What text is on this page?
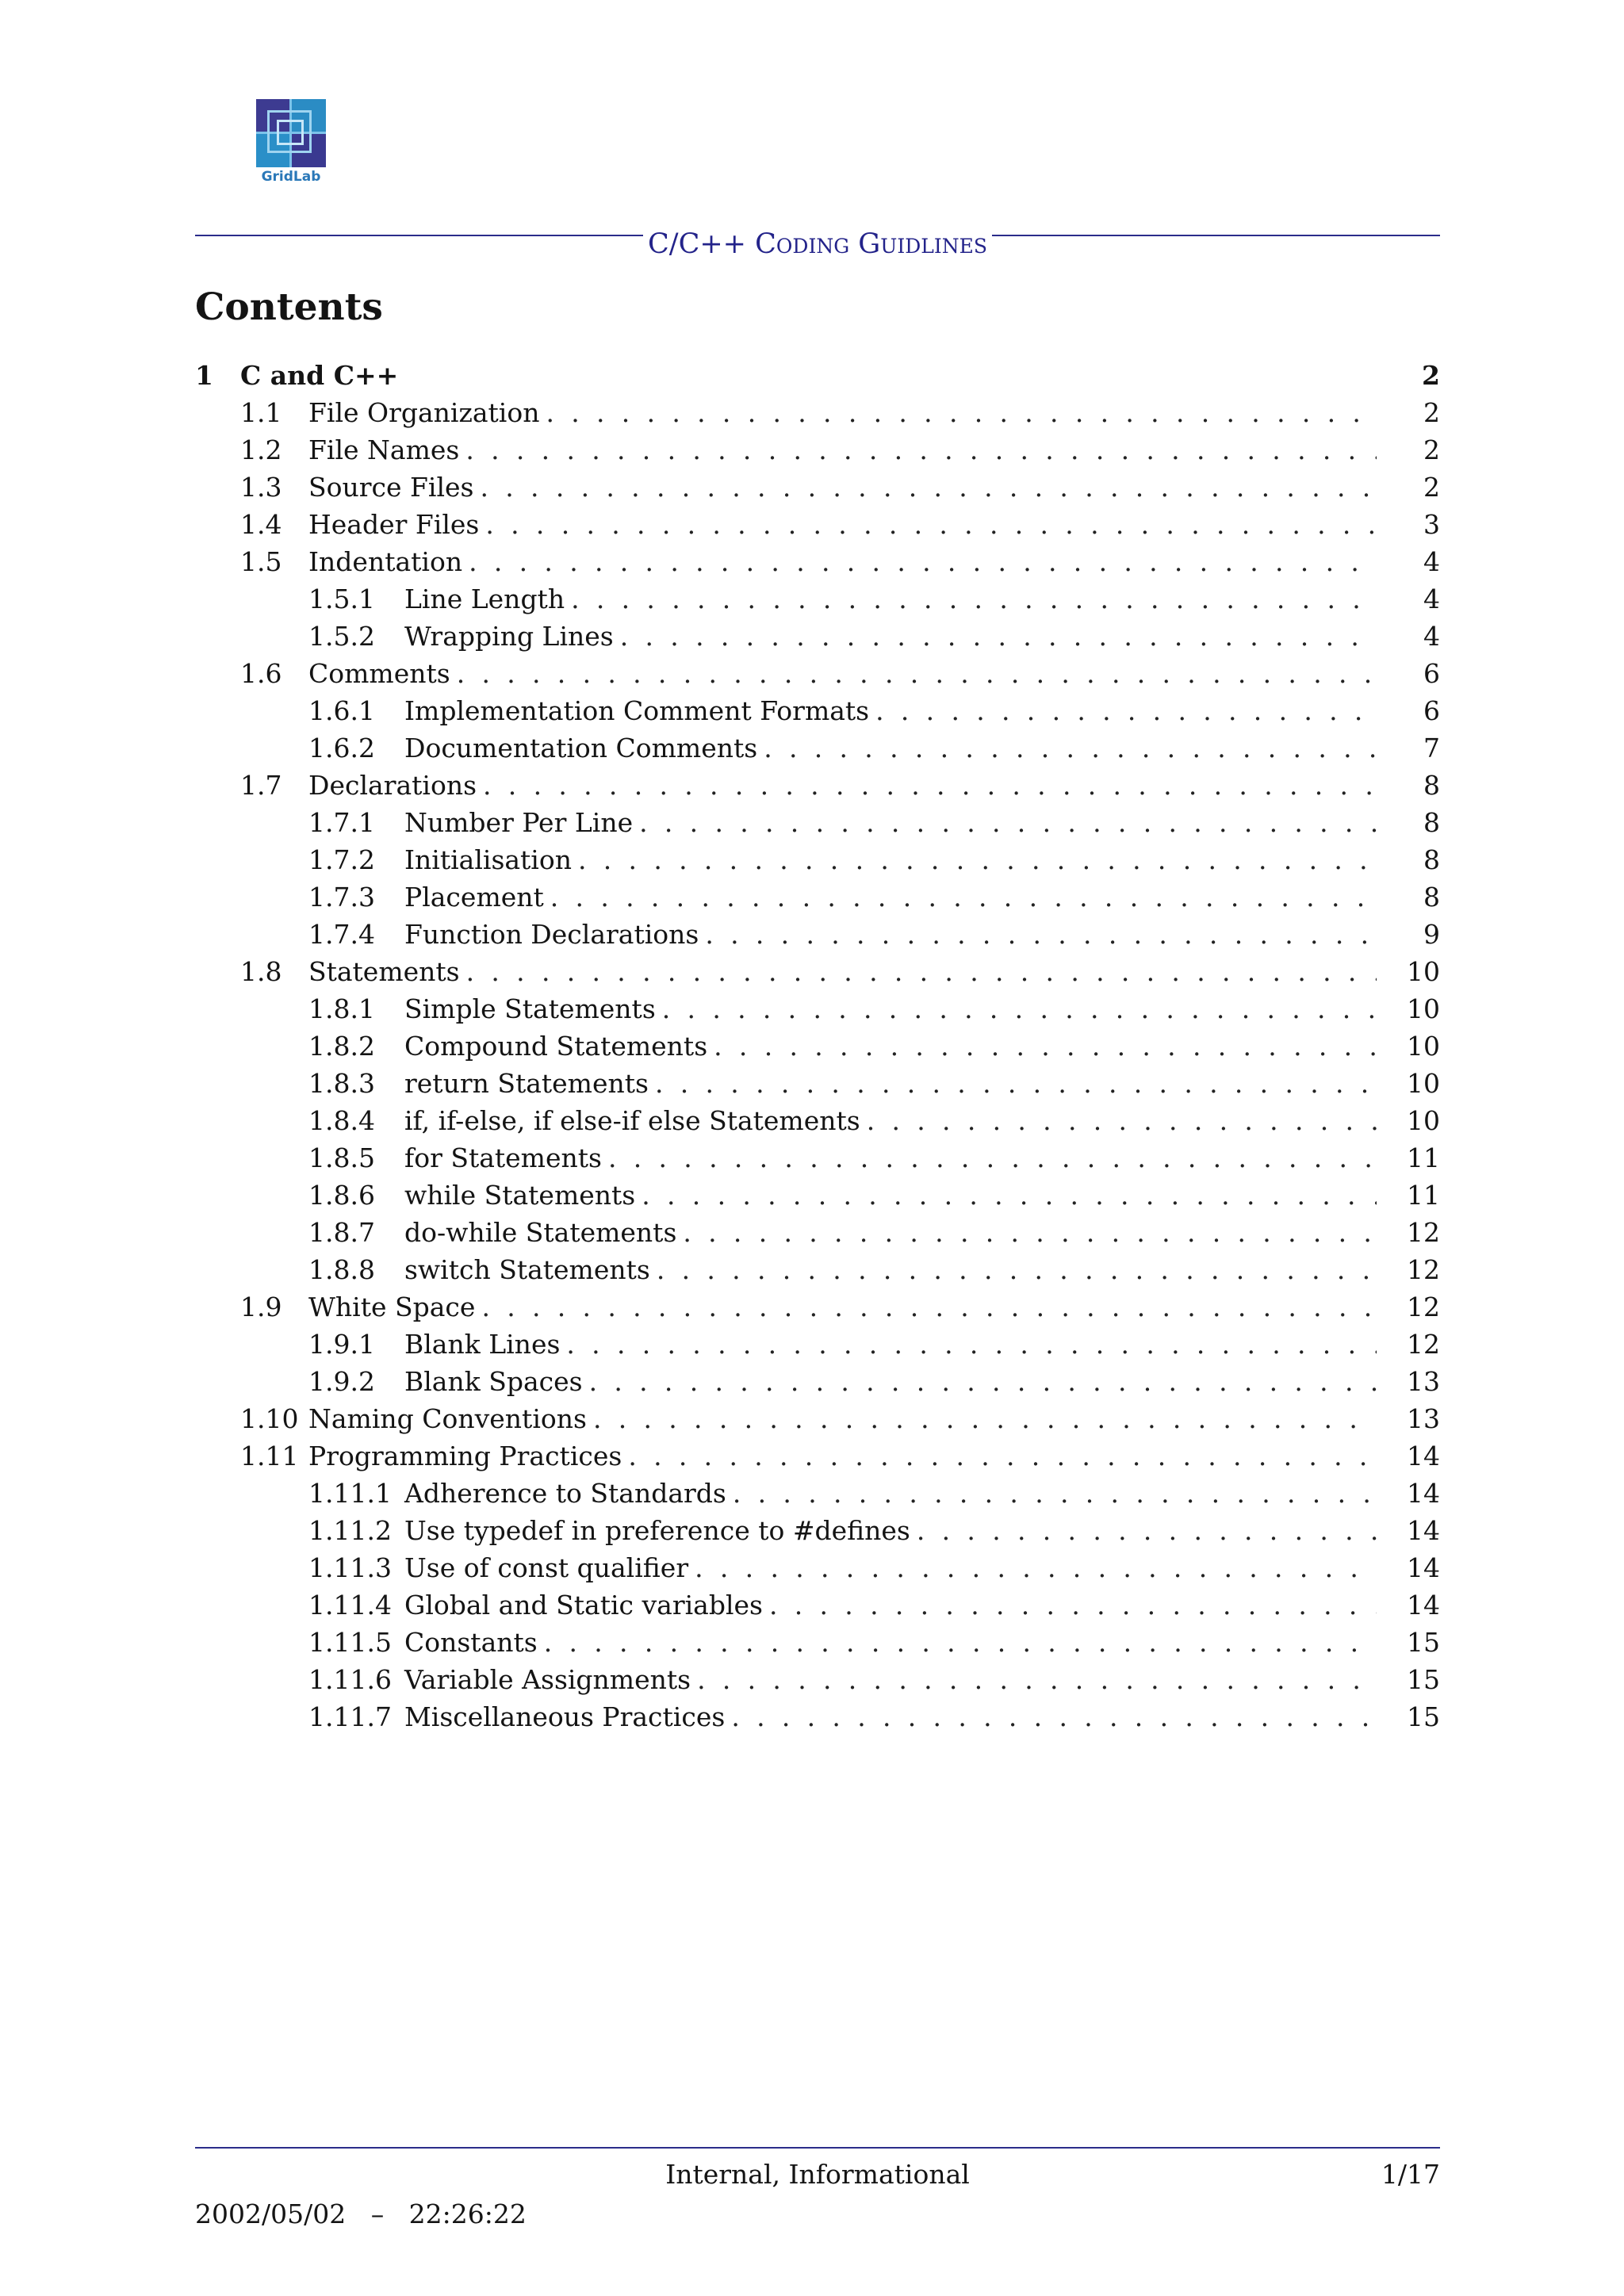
GridLab
C/C++ Coding Guidlines
Contents
1 C and C++	2
1.1 File Organization . . .	2
1.2 File Names . . .	2
1.3 Source Files . . .	2
1.4 Header Files . . .	3
1.5 Indentation . . .	4
1.5.1 Line Length . . .	4
1.5.2 Wrapping Lines . . .	4
1.6 Comments . . .	6
1.6.1 Implementation Comment Formats . . .	6
1.6.2 Documentation Comments . . .	7
1.7 Declarations . . .	8
1.7.1 Number Per Line . . .	8
1.7.2 Initialisation . . .	8
1.7.3 Placement . . .	8
1.7.4 Function Declarations . . .	9
1.8 Statements . . .	10
1.8.1 Simple Statements . . .	10
1.8.2 Compound Statements . . .	10
1.8.3 return Statements . . .	10
1.8.4 if, if-else, if else-if else Statements . . .	10
1.8.5 for Statements . . .	11
1.8.6 while Statements . . .	11
1.8.7 do-while Statements . . .	12
1.8.8 switch Statements . . .	12
1.9 White Space . . .	12
1.9.1 Blank Lines . . .	12
1.9.2 Blank Spaces . . .	13
1.10 Naming Conventions . . .	13
1.11 Programming Practices . . .	14
1.11.1 Adherence to Standards . . .	14
1.11.2 Use typedef in preference to #defines . . .	14
1.11.3 Use of const qualifier . . .	14
1.11.4 Global and Static variables . . .	14
1.11.5 Constants . . .	15
1.11.6 Variable Assignments . . .	15
1.11.7 Miscellaneous Practices . . .	15
Internal, Informational	1/17
2002/05/02 – 22:26:22
